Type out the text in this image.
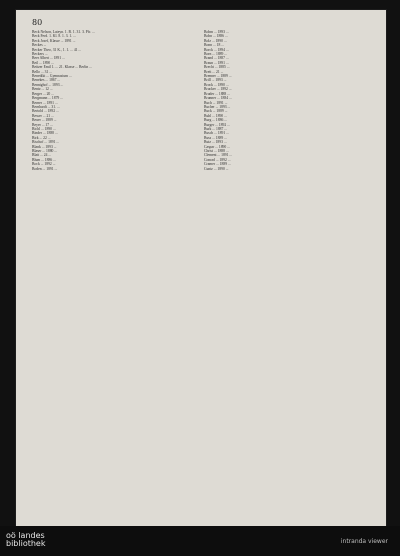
80
Beck Nelson, Lateyn. 1. B. 1. 31. 3. Pfr. ...
Beck Ferd. 1. Kl. 8. 1. 3. 1. ...
Beck Josef, Klasse ... 1891 ...
Beckes ...
Becker Theo, 31 K., 1. 1. ... 41 ...
Beckers ...
Beer Albert ... 1891 ...
Beil ... 1890 ...
Beitzer Emil 1. ... 21. Klasse ... Berlin ...
Bello ... 31 ...
Benedikt ... Gymnasium ...
Benekes ... 1867 ...
Bennighof ... 1893 ...
Bentz ... 12 ...
Berger ... 20 ...
Bergmann ... 1879 ...
Berner ... 1891 ...
Bernhardt ... 31. ...
Bertold ... 1892 ...
Besser ... 21 ...
Beuer ... 1889 ...
Beyer ... 17 ...
Bichl ... 1890 ...
Binder ... 1888 ...
Birk ... 22 ...
Bischof ... 1891 ...
Blank ... 1893 ...
Blaser ... 1880 ...
Blatt ... 24 ...
Blum ... 1886 ...
Bock ... 1892 ...
Boden ... 1891 ...
Bohm ... 1893 ...
Bohn ... 1886 ...
Bolz ... 1890 ...
Bonn ... 18 ...
Borck ... 1894 ...
Born ... 1889 ...
Brand ... 1887 ...
Braun ... 1891 ...
Brecht ... 1885 ...
Breit ... 21 ...
Brenner ... 1889 ...
Brill ... 1893 ...
Brock ... 1890 ...
Brucker ... 1892 ...
Bruder ... 1888 ...
Brunner ... 1884 ...
Buch ... 1891 ...
Bucher ... 1893 ...
Buck ... 1889 ...
Buhl ... 1890 ...
Burg ... 1886 ...
Burger ... 1892 ...
Burk ... 1887 ...
Busch ... 1891 ...
Buss ... 1889 ...
Butz ... 1893 ...
Caspar ... 1890 ...
Christ ... 1888 ...
Clement ... 1891 ...
Conrad ... 1892 ...
Cramer ... 1889 ...
Cuntz ... 1890 ...
oö landes
bibliothek	intranda viewer
